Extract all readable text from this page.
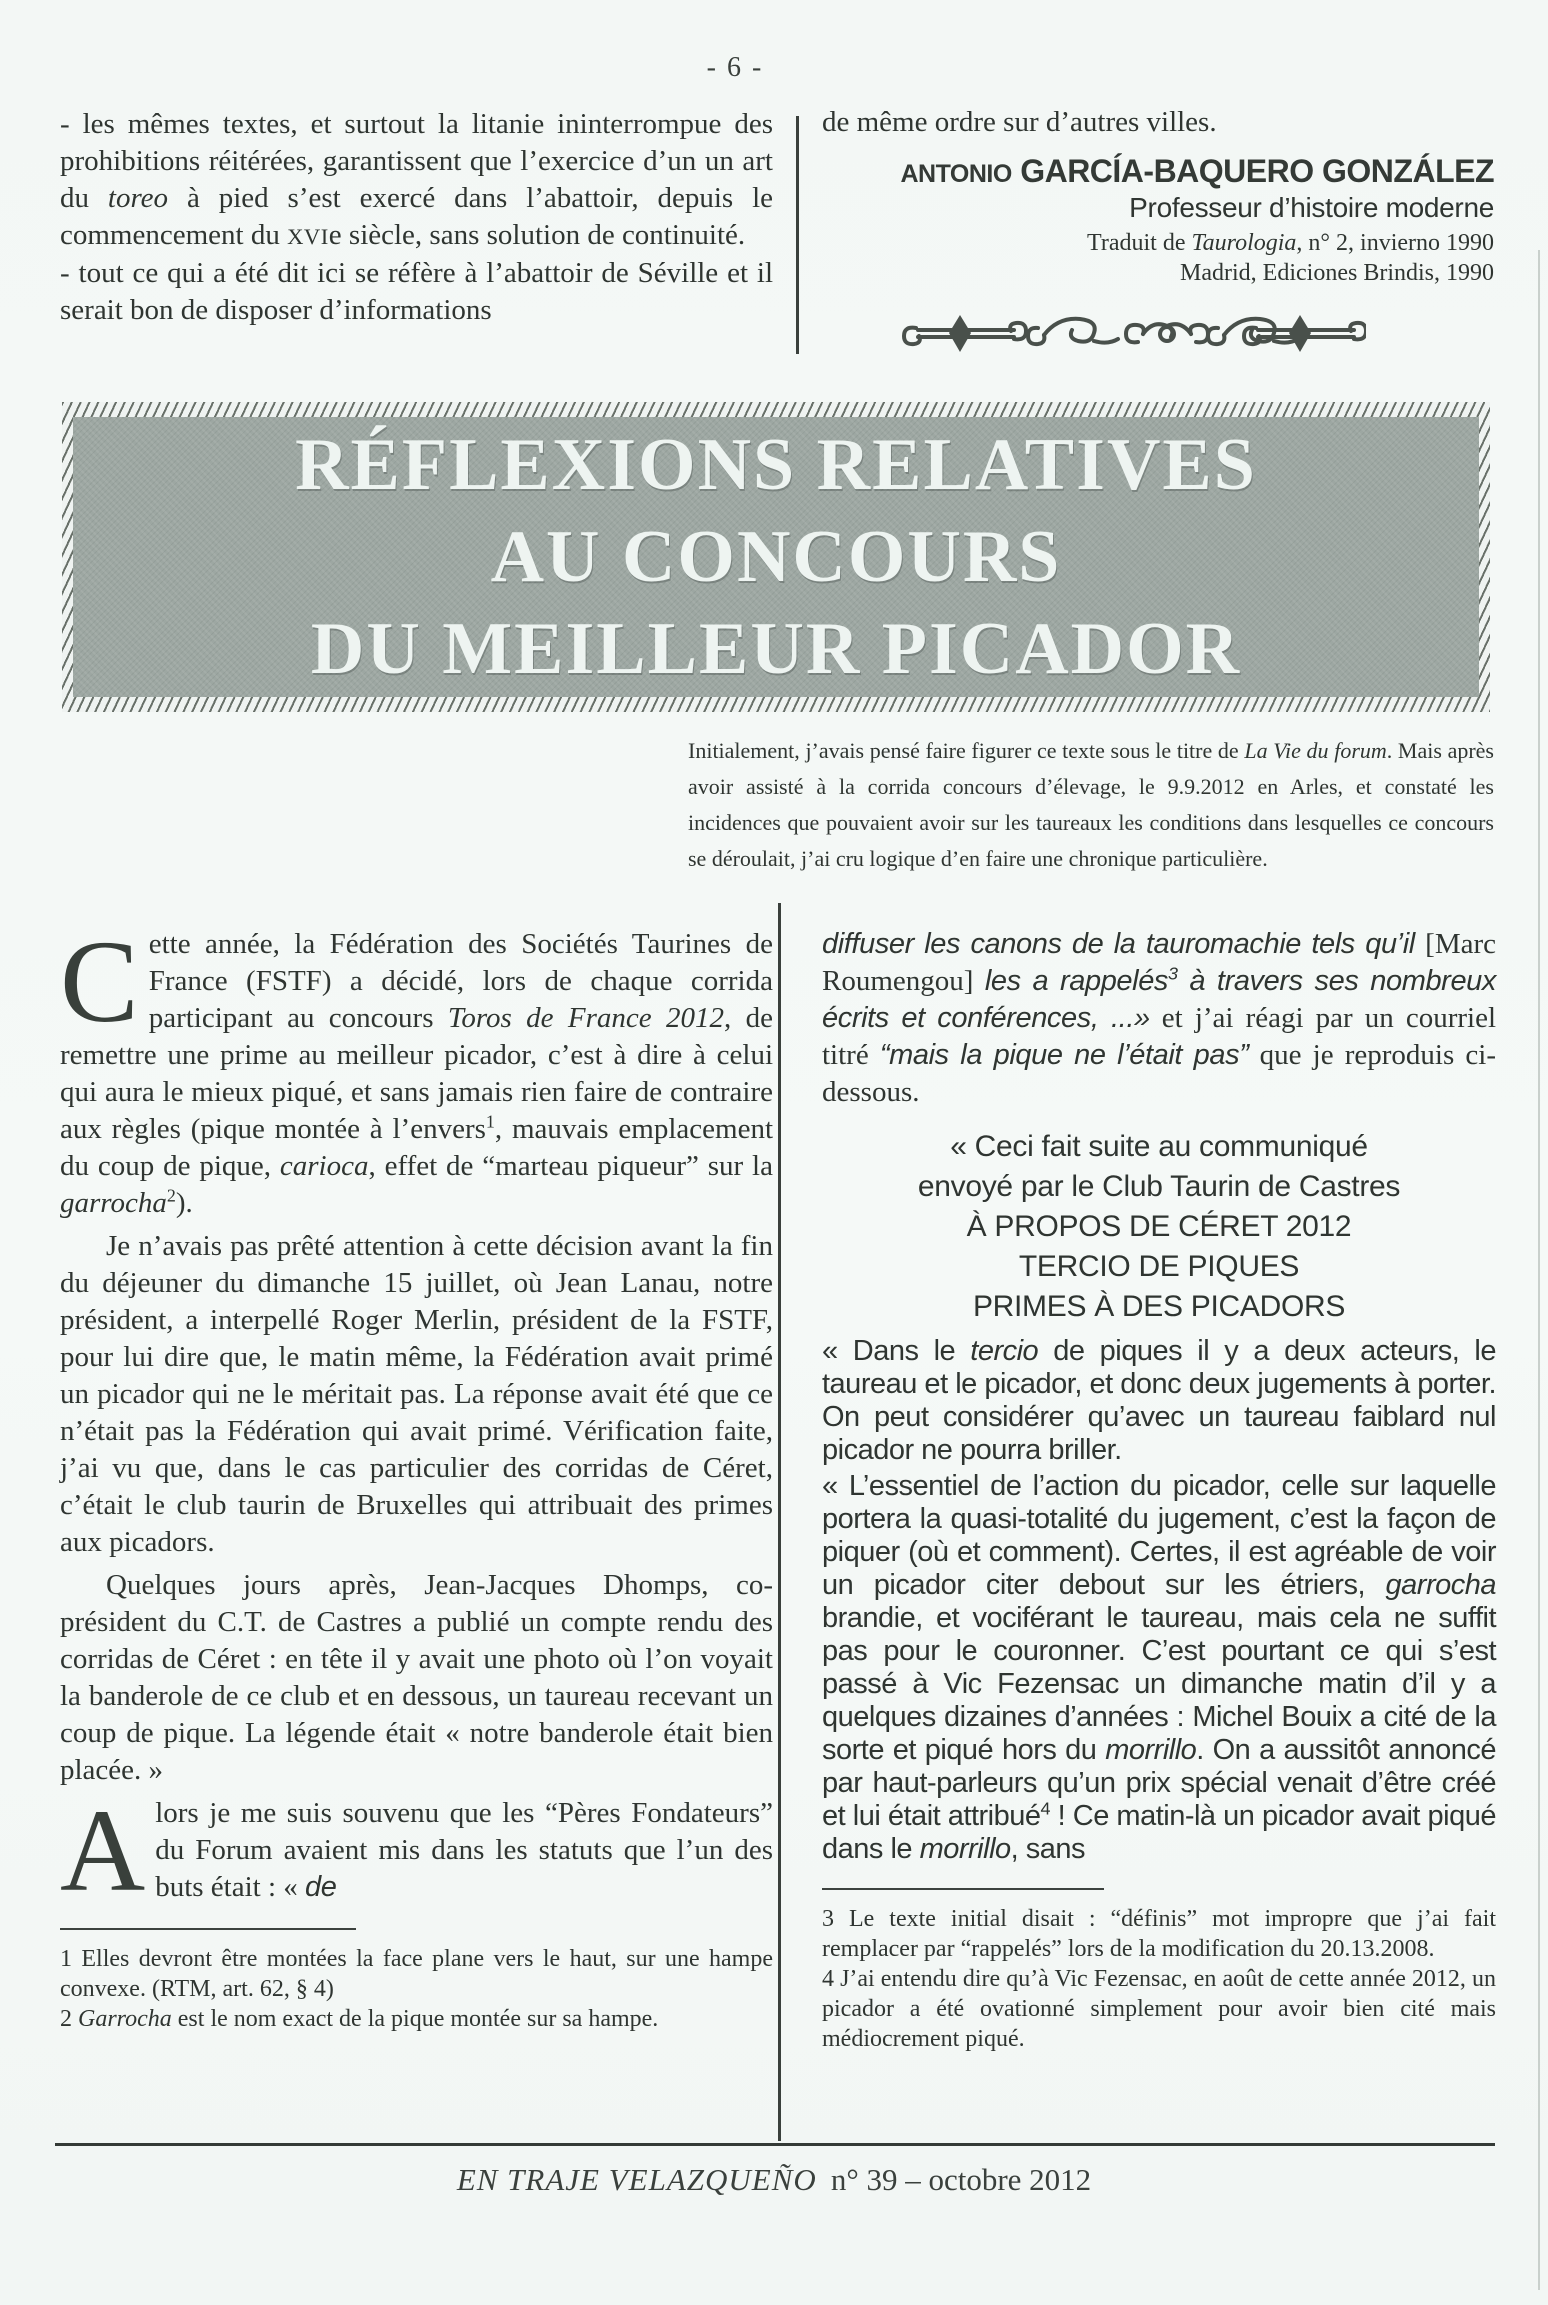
- 6 -

- les mêmes textes, et surtout la litanie ininterrompue des prohibitions réitérées, garantissent que l’exercice d’un un art du toreo à pied s’est exercé dans l’abattoir, depuis le commencement du XVIe siècle, sans solution de continuité.

- tout ce qui a été dit ici se réfère à l’abattoir de Séville et il serait bon de disposer d’informations

de même ordre sur d’autres villes.

ANTONIO GARCÍA-BAQUERO GONZÁLEZ

Professeur d’histoire moderne

Traduit de Taurologia, n° 2, invierno 1990

Madrid, Ediciones Brindis, 1990

RÉFLEXIONS RELATIVES
AU CONCOURS
DU MEILLEUR PICADOR
Initialement, j’avais pensé faire figurer ce texte sous le titre de La Vie du forum. Mais après avoir assisté à la corrida concours d’élevage, le 9.9.2012 en Arles, et constaté les incidences que pouvaient avoir sur les taureaux les conditions dans lesquelles ce concours se déroulait, j’ai cru logique d’en faire une chronique particulière.

Cette année, la Fédération des Sociétés Taurines de France (FSTF) a décidé, lors de chaque corrida participant au concours Toros de France 2012, de remettre une prime au meilleur picador, c’est à dire à celui qui aura le mieux piqué, et sans jamais rien faire de contraire aux règles (pique montée à l’envers$^1$, mauvais emplacement du coup de pique, carioca, effet de “marteau piqueur” sur la garrocha$^2$).

Je n’avais pas prêté attention à cette décision avant la fin du déjeuner du dimanche 15 juillet, où Jean Lanau, notre président, a interpellé Roger Merlin, président de la FSTF, pour lui dire que, le matin même, la Fédération avait primé un picador qui ne le méritait pas. La réponse avait été que ce n’était pas la Fédération qui avait primé. Vérification faite, j’ai vu que, dans le cas particulier des corridas de Céret, c’était le club taurin de Bruxelles qui attribuait des primes aux picadors.

Quelques jours après, Jean-Jacques Dhomps, co-président du C.T. de Castres a publié un compte rendu des corridas de Céret : en tête il y avait une photo où l’on voyait la banderole de ce club et en dessous, un taureau recevant un coup de pique. La légende était « notre banderole était bien placée. »

Alors je me suis souvenu que les “Pères Fondateurs” du Forum avaient mis dans les statuts que l’un des buts était : « de

1 Elles devront être montées la face plane vers le haut, sur une hampe convexe. (RTM, art. 62, § 4)

2 Garrocha est le nom exact de la pique montée sur sa hampe.

diffuser les canons de la tauromachie tels qu’il [Marc Roumengou] les a rappelés$^3$ à travers ses nombreux écrits et conférences, ...» et j’ai réagi par un courriel titré “mais la pique ne l’était pas” que je reproduis ci-dessous.

« Ceci fait suite au communiqué
envoyé par le Club Taurin de Castres
À PROPOS DE CÉRET 2012
TERCIO DE PIQUES
PRIMES À DES PICADORS

« Dans le tercio de piques il y a deux acteurs, le taureau et le picador, et donc deux jugements à porter. On peut considérer qu’avec un taureau faiblard nul picador ne pourra briller.

« L’essentiel de l’action du picador, celle sur laquelle portera la quasi-totalité du jugement, c’est la façon de piquer (où et comment). Certes, il est agréable de voir un picador citer debout sur les étriers, garrocha brandie, et vociférant le taureau, mais cela ne suffit pas pour le couronner. C’est pourtant ce qui s’est passé à Vic Fezensac un dimanche matin d’il y a quelques dizaines d’années : Michel Bouix a cité de la sorte et piqué hors du morrillo. On a aussitôt annoncé par haut-parleurs qu’un prix spécial venait d’être créé et lui était attribué$^4$ ! Ce matin-là un picador avait piqué dans le morrillo, sans

3 Le texte initial disait : “définis” mot impropre que j’ai fait remplacer par “rappelés” lors de la modification du 20.13.2008.

4 J’ai entendu dire qu’à Vic Fezensac, en août de cette année 2012, un picador a été ovationné simplement pour avoir bien cité mais médiocrement piqué.

EN TRAJE VELAZQUEÑO n° 39 – octobre 2012
